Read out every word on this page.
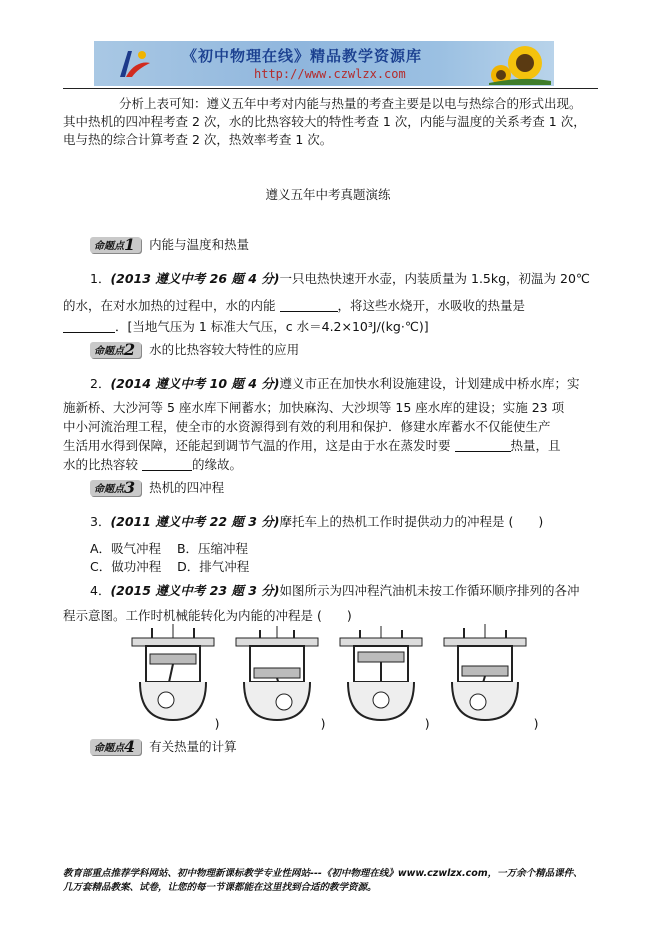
《初中物理在线》精品教学资源库
http://www.czwlzx.com
分析上表可知：遵义五年中考对内能与热量的考查主要是以电与热综合的形式出现。其中热机的四冲程考查 2 次，水的比热容较大的特性考查 1 次，内能与温度的关系考查 1 次，电与热的综合计算考查 2 次，热效率考查 1 次。
遵义五年中考真题演练
命题点1 内能与温度和热量
1．(2013 遵义中考 26 题 4 分)一只电热快速开水壶，内装质量为 1.5kg，初温为 20℃
的水，在对水加热的过程中，水的内能	，将这些水烧开，水吸收的热量是
．[当地气压为 1 标准大气压，c 水＝4.2×10³J/(kg·℃)]
命题点2 水的比热容较大特性的应用
2．(2014 遵义中考 10 题 4 分)遵义市正在加快水利设施建设，计划建成中桥水库；实
施新桥、大沙河等 5 座水库下闸蓄水；加快麻沟、大沙坝等 15 座水库的建设；实施 23 项
中小河流治理工程，使全市的水资源得到有效的利用和保护．修建水库蓄水不仅能使生产
生活用水得到保障，还能起到调节气温的作用，这是由于水在蒸发时要	热量，且
水的比热容较	的缘故。
命题点3 热机的四冲程
3．(2011 遵义中考 22 题 3 分)摩托车上的热机工作时提供动力的冲程是 (　　)
A．吸气冲程 B．压缩冲程
C．做功冲程 D．排气冲程
4．(2015 遵义中考 23 题 3 分)如图所示为四冲程汽油机未按工作循环顺序排列的各冲
程示意图。工作时机械能转化为内能的冲程是 (　　)
)	)	)	)
命题点4 有关热量的计算
教育部重点推荐学科网站、初中物理新课标教学专业性网站---《初中物理在线》www.czwlzx.com，一万余个精品课件、
几万套精品教案、试卷，让您的每一节课都能在这里找到合适的教学资源。
